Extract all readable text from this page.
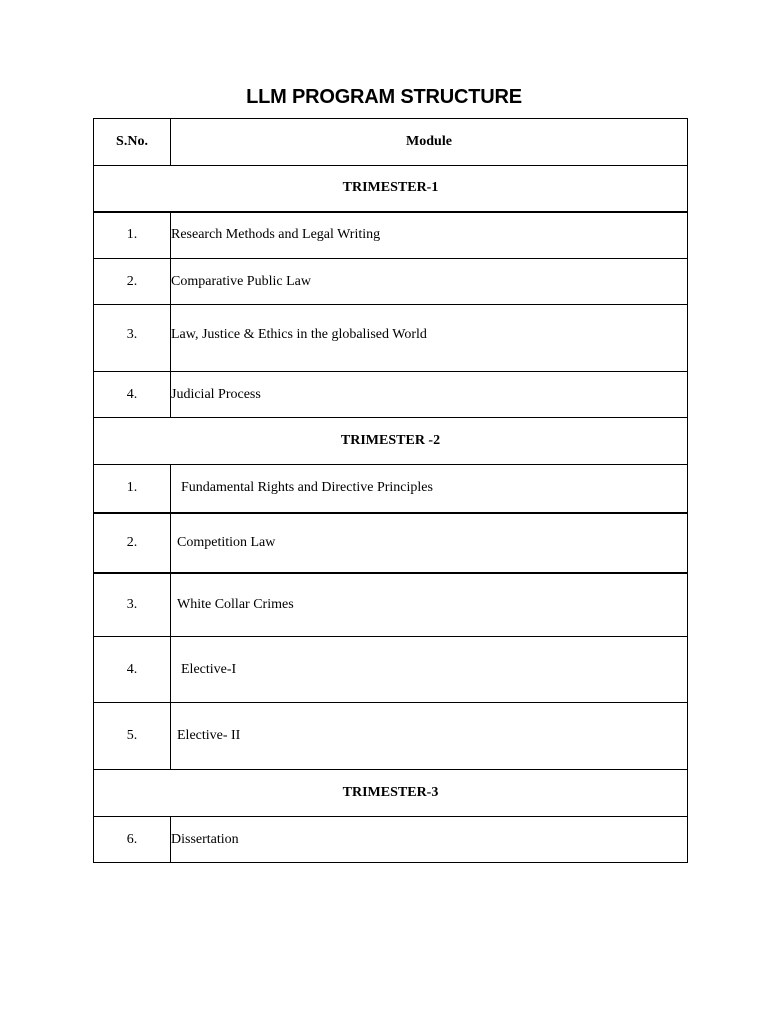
LLM PROGRAM STRUCTURE
S.No.	Module
TRIMESTER-1	
1.	Research Methods and Legal Writing
2.	Comparative Public Law
3.	Law, Justice & Ethics in the globalised World
4.	Judicial Process
TRIMESTER -2	
1.	Fundamental Rights and Directive Principles
2.	Competition Law
3.	White Collar Crimes
4.	Elective-I
5.	Elective- II
TRIMESTER-3	
6.	Dissertation
